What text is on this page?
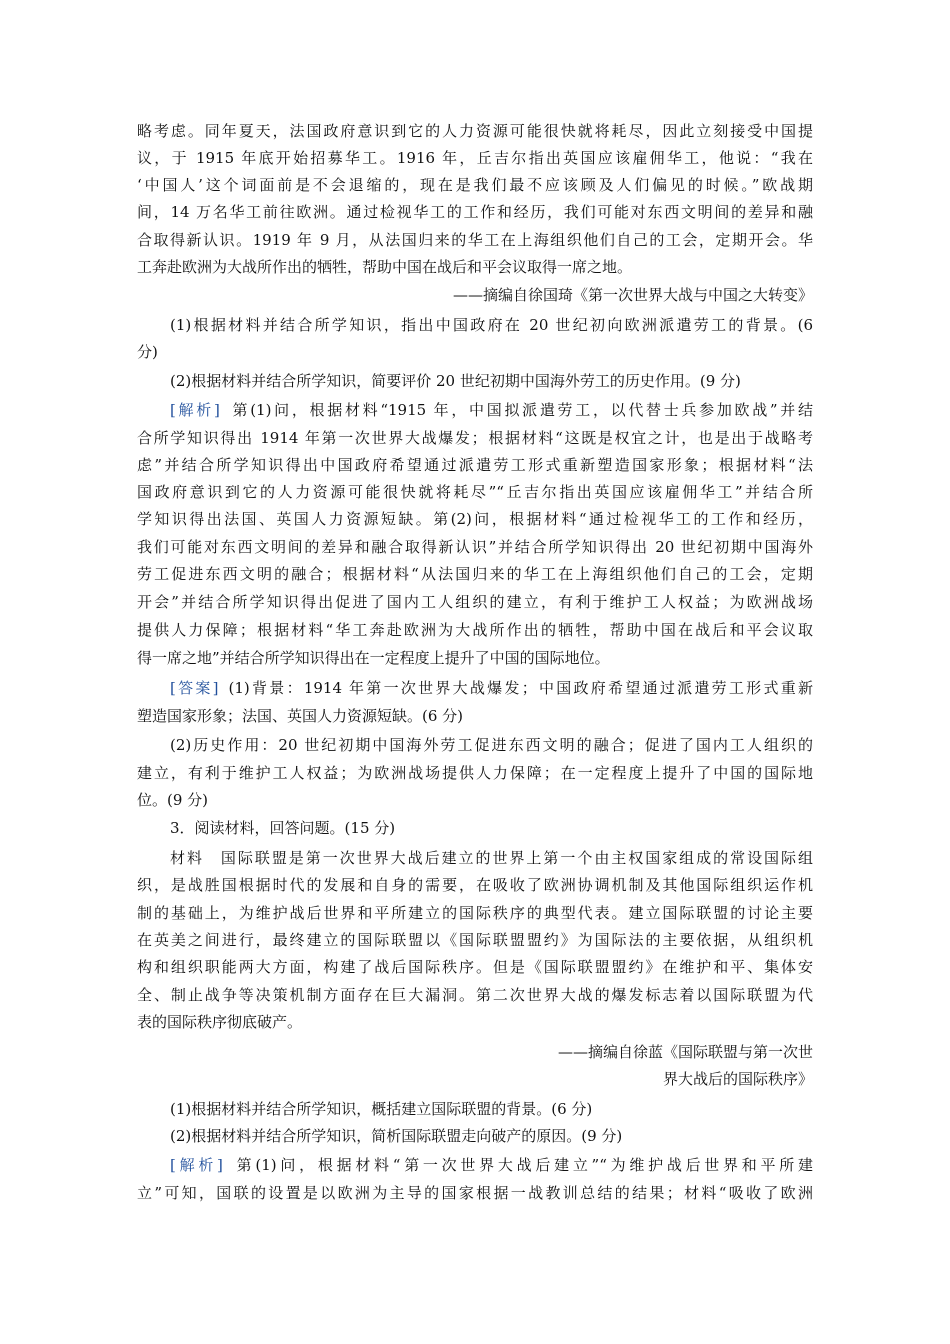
略考虑。同年夏天，法国政府意识到它的人力资源可能很快就将耗尽，因此立刻接受中国提
议，于 1915 年底开始招募华工。1916 年，丘吉尔指出英国应该雇佣华工，他说：“我在
‘中国人’这个词面前是不会退缩的，现在是我们最不应该顾及人们偏见的时候。”欧战期
间，14 万名华工前往欧洲。通过检视华工的工作和经历，我们可能对东西文明间的差异和融
合取得新认识。1919 年 9 月，从法国归来的华工在上海组织他们自己的工会，定期开会。华
工奔赴欧洲为大战所作出的牺牲，帮助中国在战后和平会议取得一席之地。
——摘编自徐国琦《第一次世界大战与中国之大转变》
(1)根据材料并结合所学知识，指出中国政府在 20 世纪初向欧洲派遣劳工的背景。(6
分)
(2)根据材料并结合所学知识，简要评价 20 世纪初期中国海外劳工的历史作用。(9 分)
[解析] 第(1)问，根据材料“1915 年，中国拟派遣劳工，以代替士兵参加欧战”并结
合所学知识得出 1914 年第一次世界大战爆发；根据材料“这既是权宜之计，也是出于战略考
虑”并结合所学知识得出中国政府希望通过派遣劳工形式重新塑造国家形象；根据材料“法
国政府意识到它的人力资源可能很快就将耗尽”“丘吉尔指出英国应该雇佣华工”并结合所
学知识得出法国、英国人力资源短缺。第(2)问，根据材料“通过检视华工的工作和经历，
我们可能对东西文明间的差异和融合取得新认识”并结合所学知识得出 20 世纪初期中国海外
劳工促进东西文明的融合；根据材料“从法国归来的华工在上海组织他们自己的工会，定期
开会”并结合所学知识得出促进了国内工人组织的建立，有利于维护工人权益；为欧洲战场
提供人力保障；根据材料“华工奔赴欧洲为大战所作出的牺牲，帮助中国在战后和平会议取
得一席之地”并结合所学知识得出在一定程度上提升了中国的国际地位。
[答案] (1)背景：1914 年第一次世界大战爆发；中国政府希望通过派遣劳工形式重新
塑造国家形象；法国、英国人力资源短缺。(6 分)
(2)历史作用：20 世纪初期中国海外劳工促进东西文明的融合；促进了国内工人组织的
建立，有利于维护工人权益；为欧洲战场提供人力保障；在一定程度上提升了中国的国际地
位。(9 分)
3．阅读材料，回答问题。(15 分)
材料　国际联盟是第一次世界大战后建立的世界上第一个由主权国家组成的常设国际组
织，是战胜国根据时代的发展和自身的需要，在吸收了欧洲协调机制及其他国际组织运作机
制的基础上，为维护战后世界和平所建立的国际秩序的典型代表。建立国际联盟的讨论主要
在英美之间进行，最终建立的国际联盟以《国际联盟盟约》为国际法的主要依据，从组织机
构和组织职能两大方面，构建了战后国际秩序。但是《国际联盟盟约》在维护和平、集体安
全、制止战争等决策机制方面存在巨大漏洞。第二次世界大战的爆发标志着以国际联盟为代
表的国际秩序彻底破产。
——摘编自徐蓝《国际联盟与第一次世
界大战后的国际秩序》
(1)根据材料并结合所学知识，概括建立国际联盟的背景。(6 分)
(2)根据材料并结合所学知识，简析国际联盟走向破产的原因。(9 分)
[解析] 第(1)问，根据材料“第一次世界大战后建立”“为维护战后世界和平所建
立”可知，国联的设置是以欧洲为主导的国家根据一战教训总结的结果；材料“吸收了欧洲
